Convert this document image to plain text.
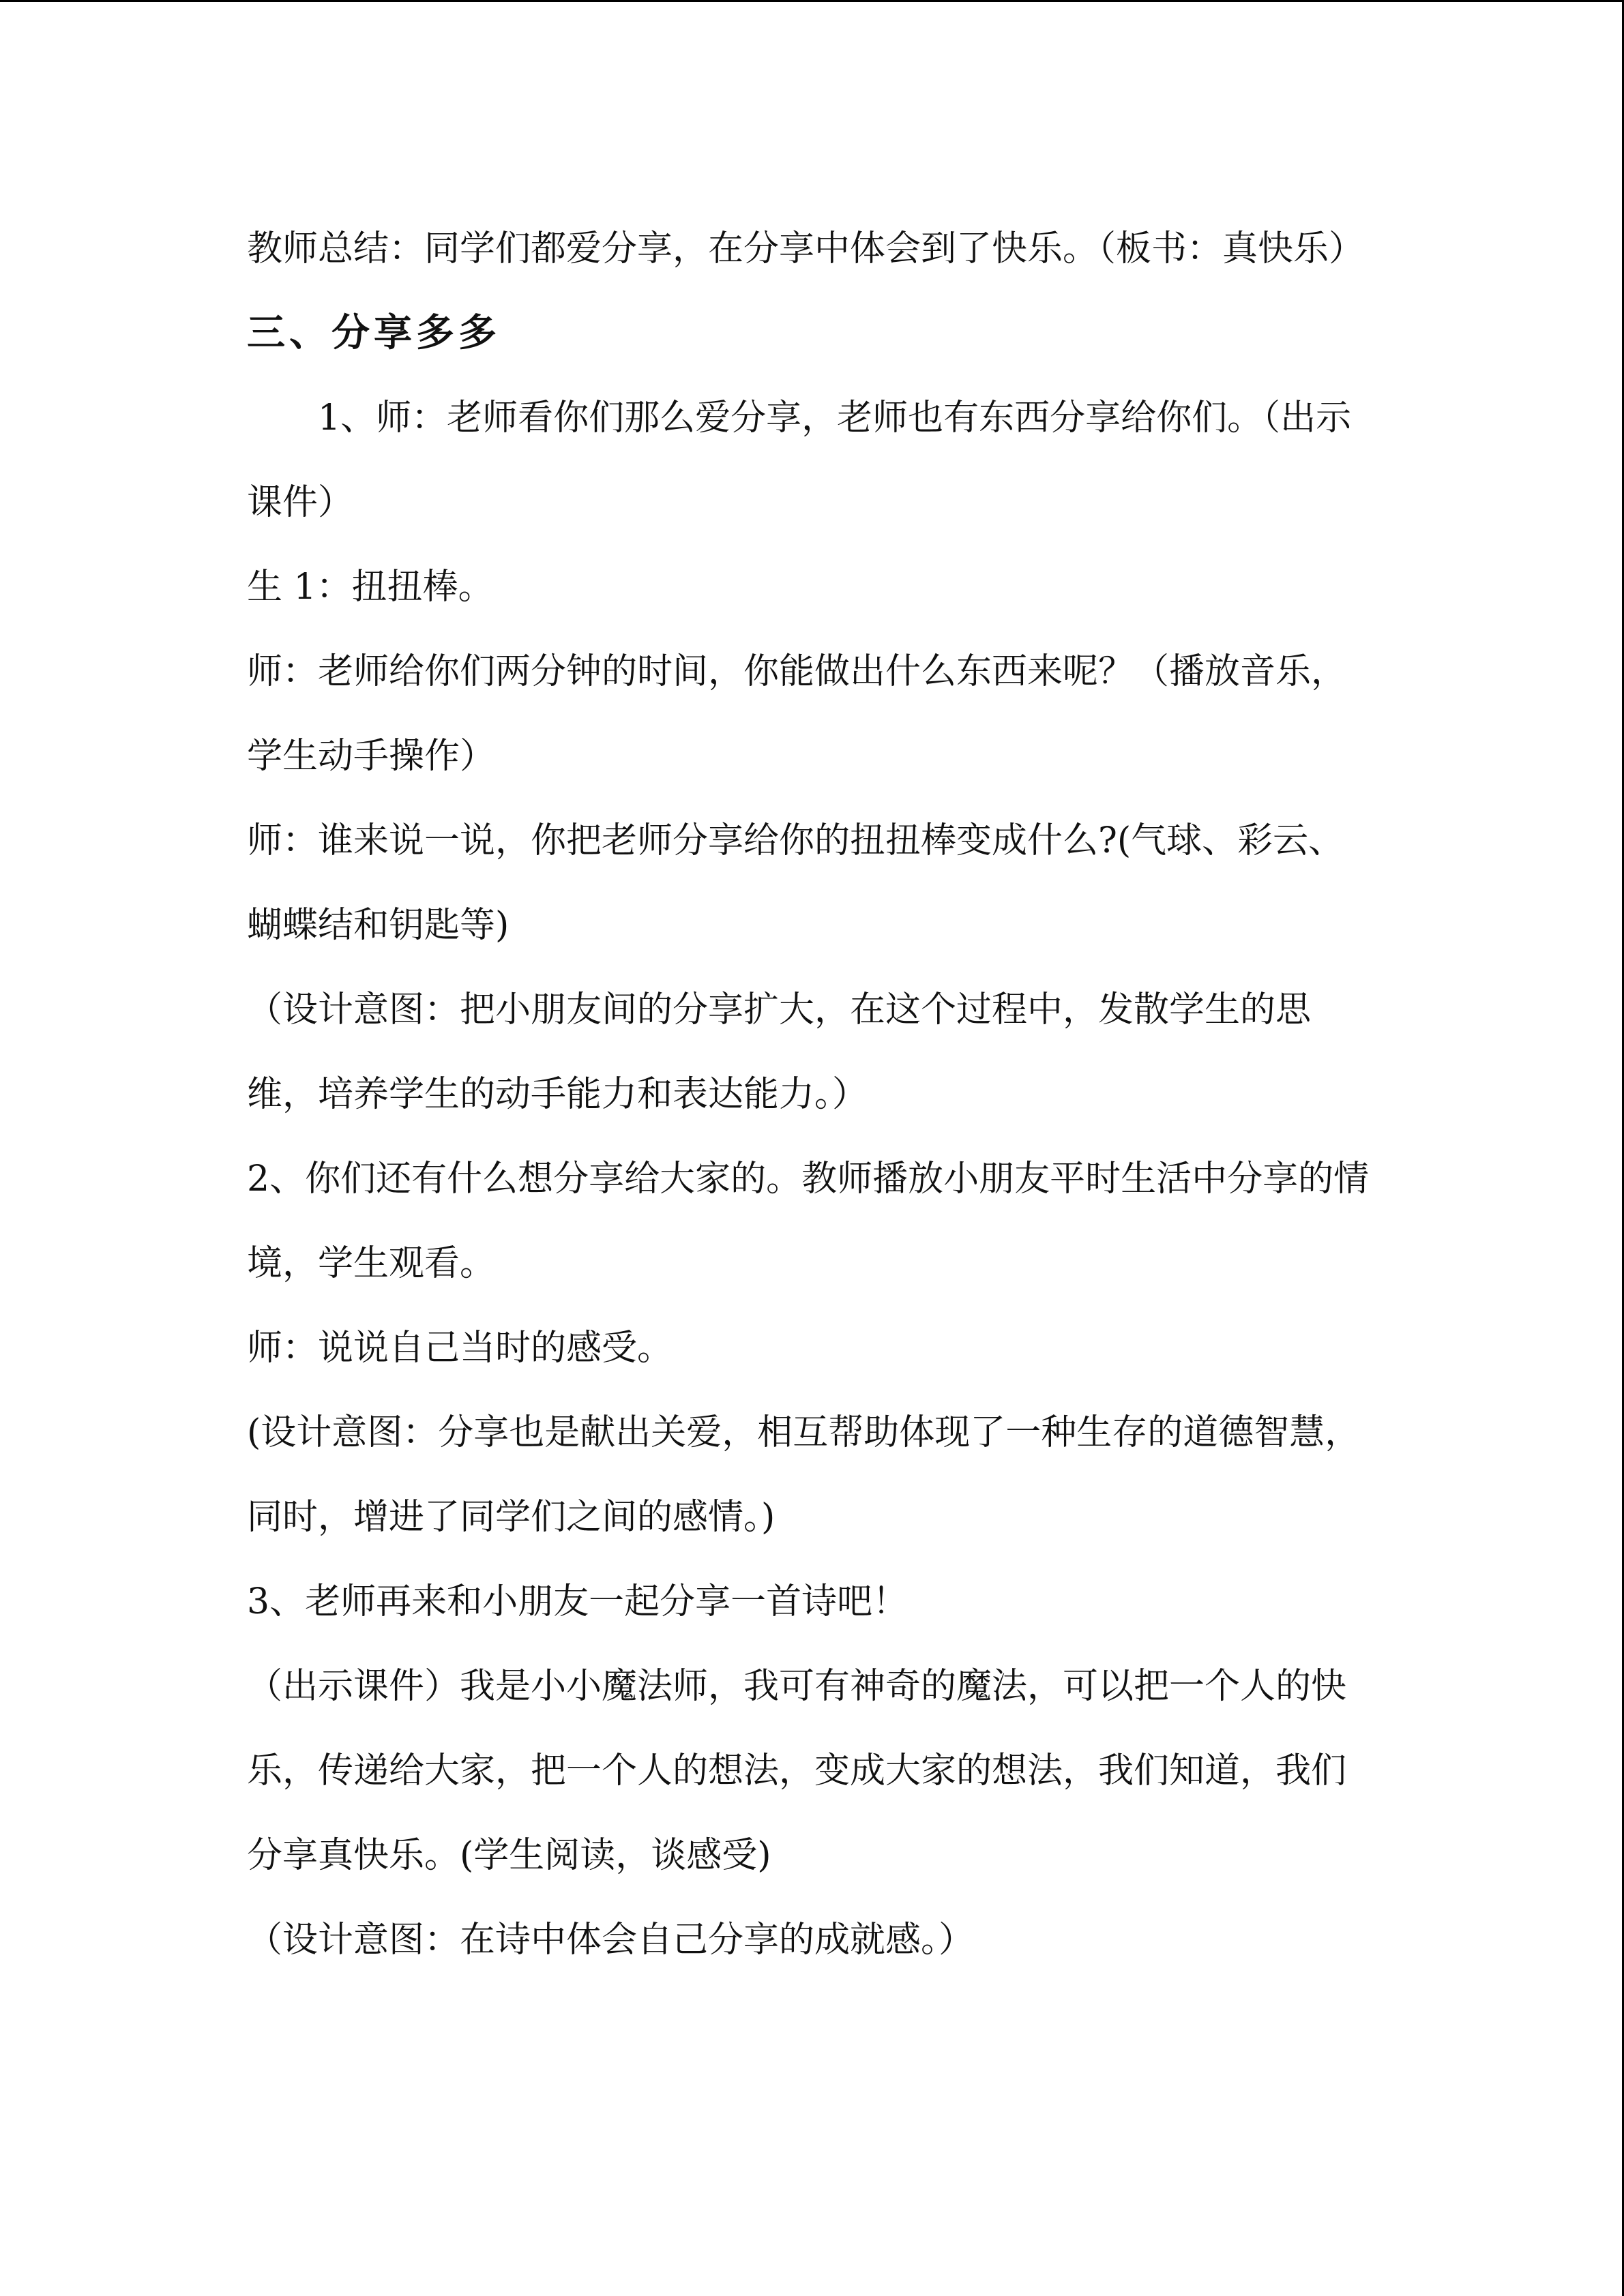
教师总结：同学们都爱分享，在分享中体会到了快乐。（板书：真快乐）

三、分享多多

1、师：老师看你们那么爱分享，老师也有东西分享给你们。（出示课件）

生 1：扭扭棒。

师：老师给你们两分钟的时间，你能做出什么东西来呢？（播放音乐，学生动手操作）

师：谁来说一说，你把老师分享给你的扭扭棒变成什么?(气球、彩云、蝴蝶结和钥匙等)

（设计意图：把小朋友间的分享扩大，在这个过程中，发散学生的思维，培养学生的动手能力和表达能力。）

2、你们还有什么想分享给大家的。教师播放小朋友平时生活中分享的情境，学生观看。

师：说说自己当时的感受。

(设计意图：分享也是献出关爱，相互帮助体现了一种生存的道德智慧，同时，增进了同学们之间的感情。)

3、老师再来和小朋友一起分享一首诗吧！

（出示课件）我是小小魔法师，我可有神奇的魔法，可以把一个人的快乐，传递给大家，把一个人的想法，变成大家的想法，我们知道，我们分享真快乐。(学生阅读，谈感受)

（设计意图：在诗中体会自己分享的成就感。）
